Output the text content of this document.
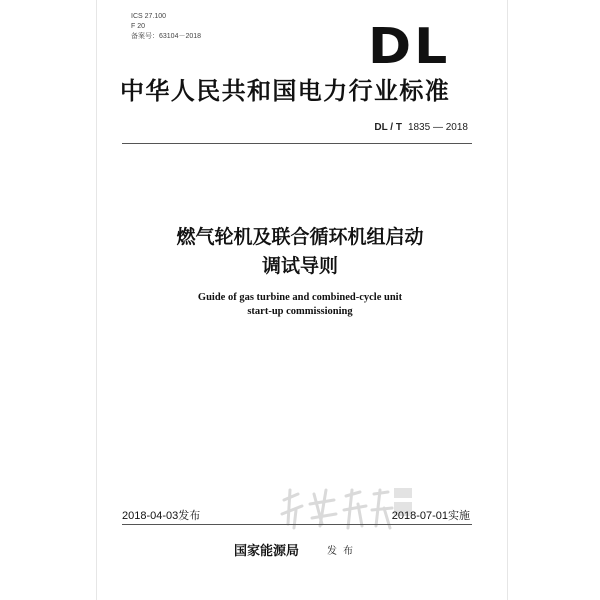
ICS 27.100
F 20
备案号：63104－2018	DL
中华人民共和国电力行业标准
DL / T 1835 — 2018
燃气轮机及联合循环机组启动
调试导则
Guide of gas turbine and combined-cycle unit
start-up commissioning
2018-04-03发布	2018-07-01实施
国家能源局	发布
